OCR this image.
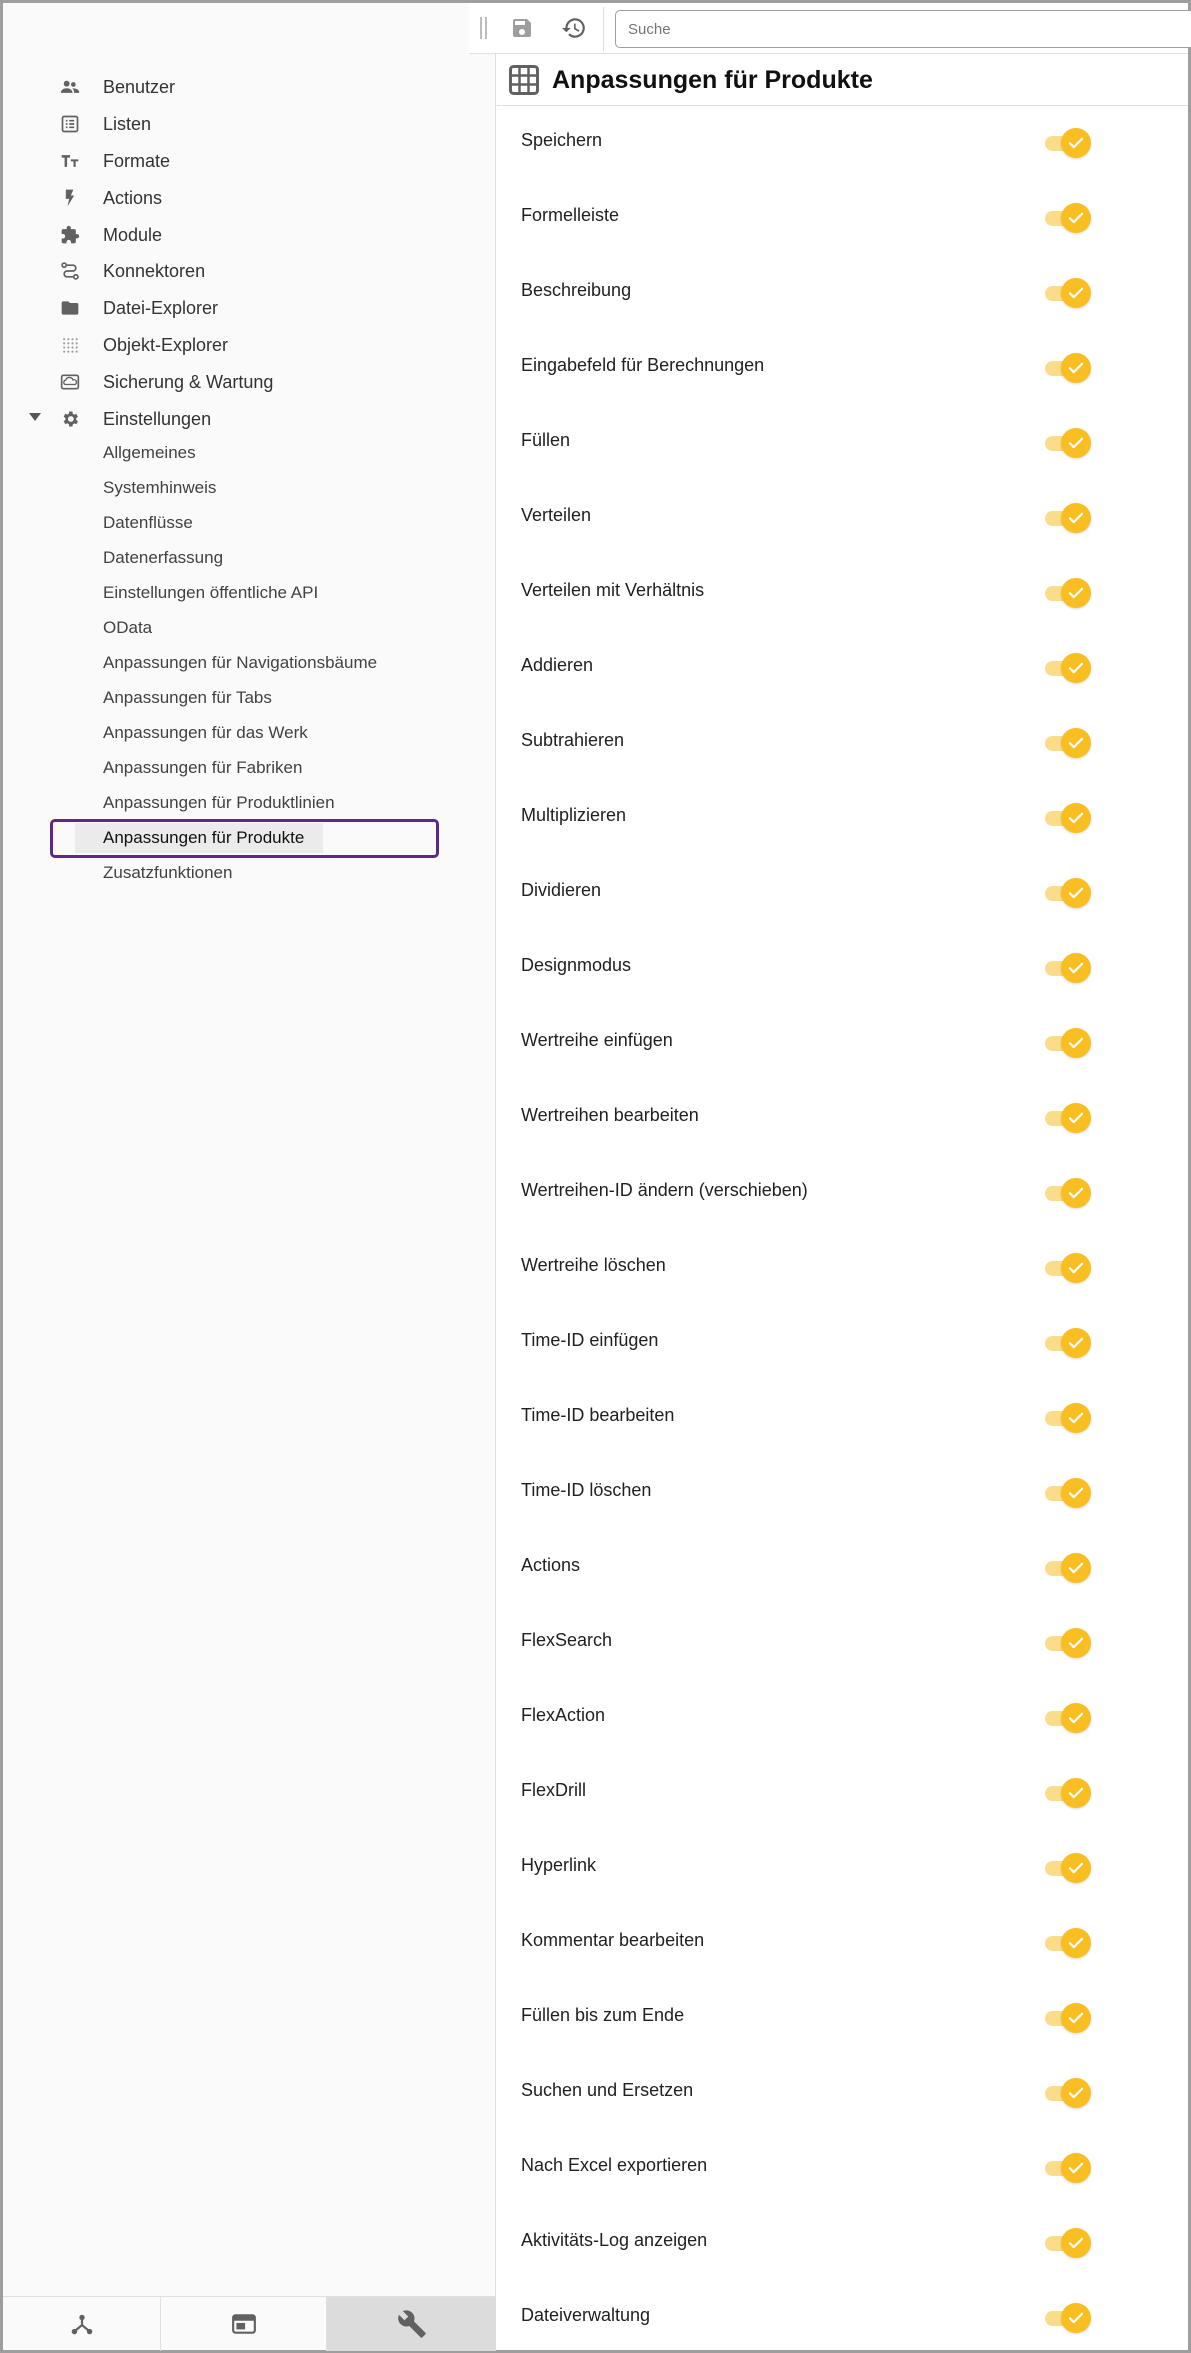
Suche
Benutzer
Listen
Formate
Actions
Module
Konnektoren
Datei-Explorer
Objekt-Explorer
Sicherung & Wartung
Einstellungen
Allgemeines
Systemhinweis
Datenflüsse
Datenerfassung
Einstellungen öffentliche API
OData
Anpassungen für Navigationsbäume
Anpassungen für Tabs
Anpassungen für das Werk
Anpassungen für Fabriken
Anpassungen für Produktlinien
Anpassungen für Produkte
Zusatzfunktionen
Anpassungen für Produkte
Speichern
Formelleiste
Beschreibung
Eingabefeld für Berechnungen
Füllen
Verteilen
Verteilen mit Verhältnis
Addieren
Subtrahieren
Multiplizieren
Dividieren
Designmodus
Wertreihe einfügen
Wertreihen bearbeiten
Wertreihen-ID ändern (verschieben)
Wertreihe löschen
Time-ID einfügen
Time-ID bearbeiten
Time-ID löschen
Actions
FlexSearch
FlexAction
FlexDrill
Hyperlink
Kommentar bearbeiten
Füllen bis zum Ende
Suchen und Ersetzen
Nach Excel exportieren
Aktivitäts-Log anzeigen
Dateiverwaltung
